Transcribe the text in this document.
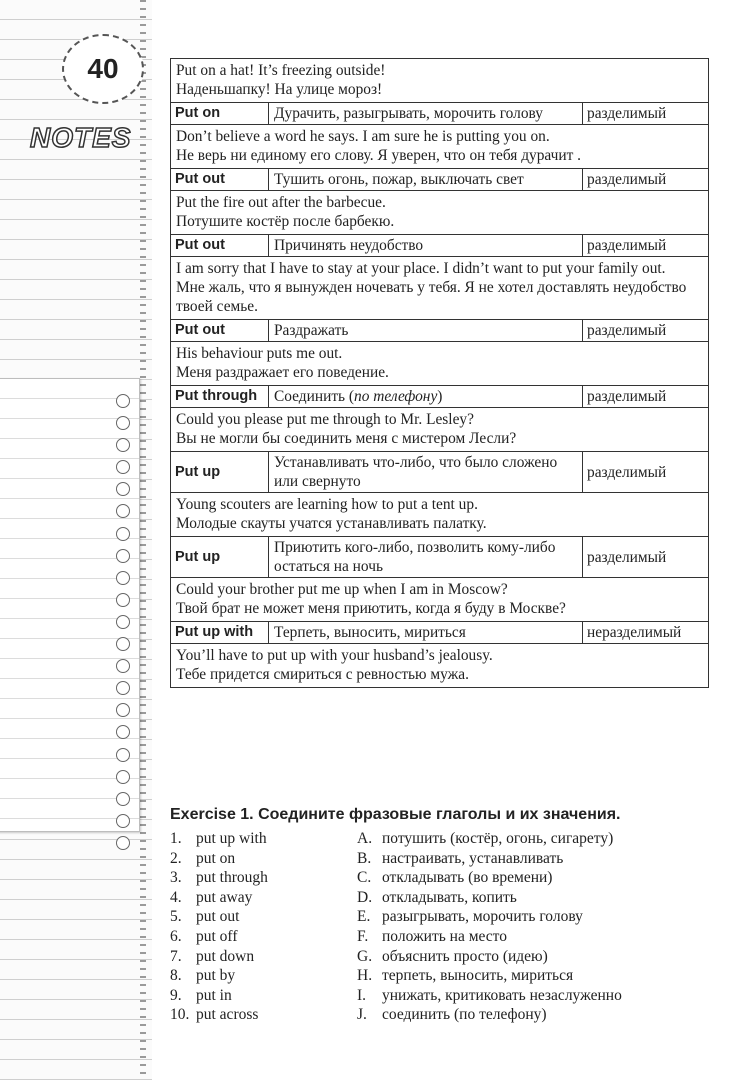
40
NOTES
Put on a hat! It’s freezing outside!
Наденьшапку! На улице мороз!		

Put on	Дурачить, разыгрывать, морочить голову	разделимый

Don’t believe a word he says. I am sure he is putting you on.
Не верь ни единому его слову. Я уверен, что он тебя дурачит .		

Put out	Тушить огонь, пожар, выключать свет	разделимый

Put the fire out after the barbecue.
Потушите костёр после барбекю.		

Put out	Причинять неудобство	разделимый

I am sorry that I have to stay at your place. I didn’t want to put your family out.
Мне жаль, что я вынужден ночевать у тебя. Я не хотел доставлять неудобство твоей семье.		

Put out	Раздражать	разделимый

His behaviour puts me out.
Меня раздражает его поведение.		

Put through	Соединить (по телефону)	разделимый

Could you please put me through to Mr. Lesley?
Вы не могли бы соединить меня с мистером Лесли?		

Put up	Устанавливать что-либо, что было сложено или свернуто	разделимый

Young scouters are learning how to put a tent up.
Молодые скауты учатся устанавливать палатку.		

Put up	Приютить кого-либо, позволить кому-либо остаться на ночь	разделимый

Could your brother put me up when I am in Moscow?
Твой брат не может меня приютить, когда я буду в Москве?		

Put up with	Терпеть, выносить, мириться	неразделимый

You’ll have to put up with your husband’s jealousy.
Тебе придется смириться с ревностью мужа.		
Exercise 1. Соедините фразовые глаголы и их значения.
1. put up with	A. потушить (костёр, огонь, сигарету)
2. put on	B. настраивать, устанавливать
3. put through	C. откладывать (во времени)
4. put away	D. откладывать, копить
5. put out	E. разыгрывать, морочить голову
6. put off	F. положить на место
7. put down	G. объяснить просто (идею)
8. put by	H. терпеть, выносить, мириться
9. put in	I. унижать, критиковать незаслуженно
10. put across	J. соединить (по телефону)
